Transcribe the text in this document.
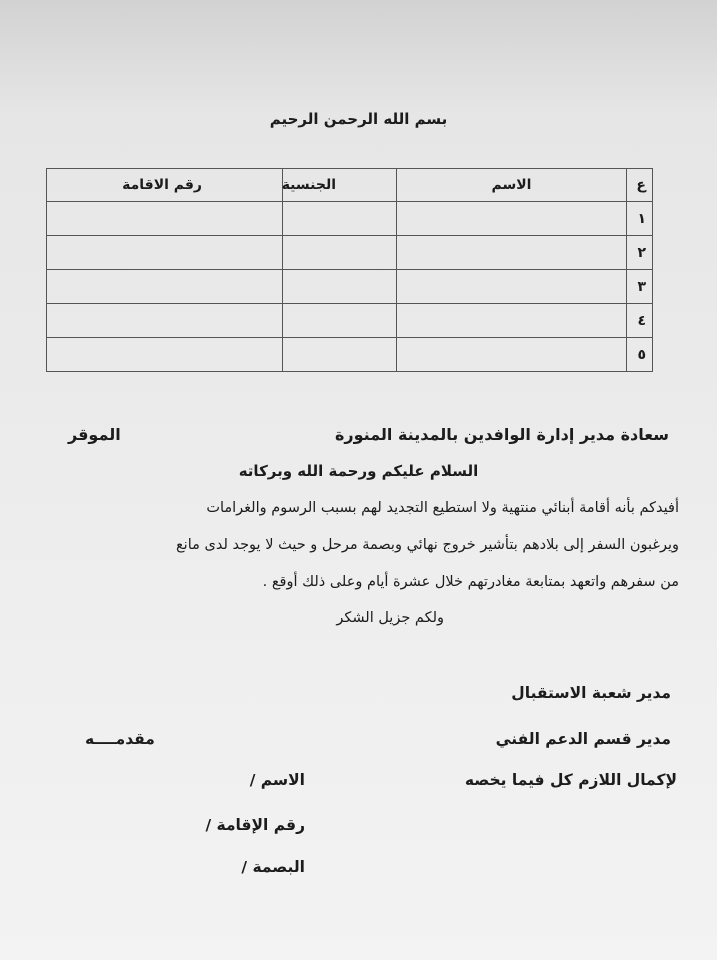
بسم الله الرحمن الرحيم
ع	الاسم	الجنسية	رقم الاقامة
١			
٢			
٣			
٤			
٥			
سعادة مدير إدارة الوافدين بالمدينة المنورة
الموقر
السلام عليكم ورحمة الله وبركاته
أفيدكم بأنه أقامة أبنائي منتهية ولا استطيع التجديد لهم بسبب الرسوم والغرامات
ويرغبون السفر إلى بلادهم بتأشير خروج نهائي وبصمة مرحل و حيث لا يوجد لدى مانع
من سفرهم واتعهد بمتابعة مغادرتهم خلال عشرة أيام وعلى ذلك أوقع .
ولكم جزيل الشكر
مدير شعبة الاستقبال
مدير قسم الدعم الفني
مقدمــــه
لإكمال اللازم كل فيما يخصه
الاسم /
رقم الإقامة /
البصمة /
